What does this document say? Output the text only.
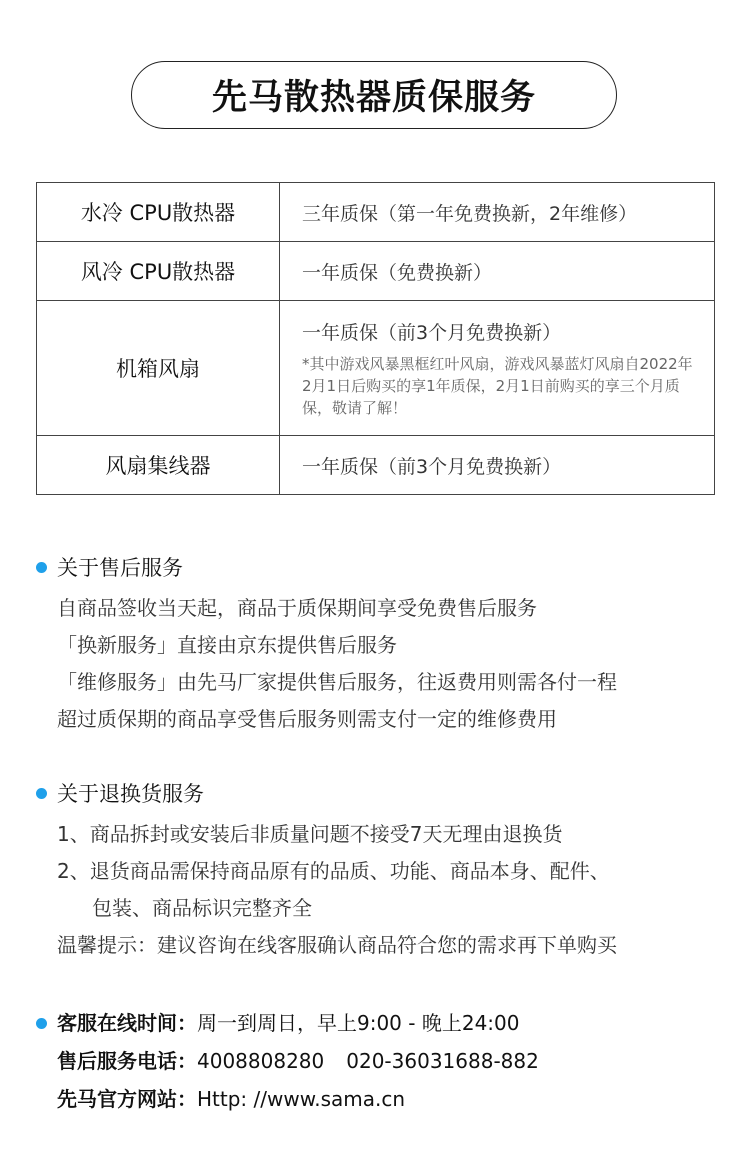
先马散热器质保服务
水冷 CPU散热器	三年质保（第一年免费换新，2年维修）

风冷 CPU散热器	一年质保（免费换新）

机箱风扇	一年质保（前3个月免费换新）
*其中游戏风暴黑框红叶风扇，游戏风暴蓝灯风扇自2022年2月1日后购买的享1年质保，2月1日前购买的享三个月质保，敬请了解！

风扇集线器	一年质保（前3个月免费换新）
关于售后服务
自商品签收当天起，商品于质保期间享受免费售后服务
「换新服务」直接由京东提供售后服务
「维修服务」由先马厂家提供售后服务，往返费用则需各付一程
超过质保期的商品享受售后服务则需支付一定的维修费用
关于退换货服务
1、商品拆封或安装后非质量问题不接受7天无理由退换货
2、退货商品需保持商品原有的品质、功能、商品本身、配件、
包装、商品标识完整齐全
温馨提示：建议咨询在线客服确认商品符合您的需求再下单购买
客服在线时间： 周一到周日，早上9:00 - 晚上24:00
售后服务电话： 4008808280 020-36031688-882
先马官方网站： Http: //www.sama.cn
